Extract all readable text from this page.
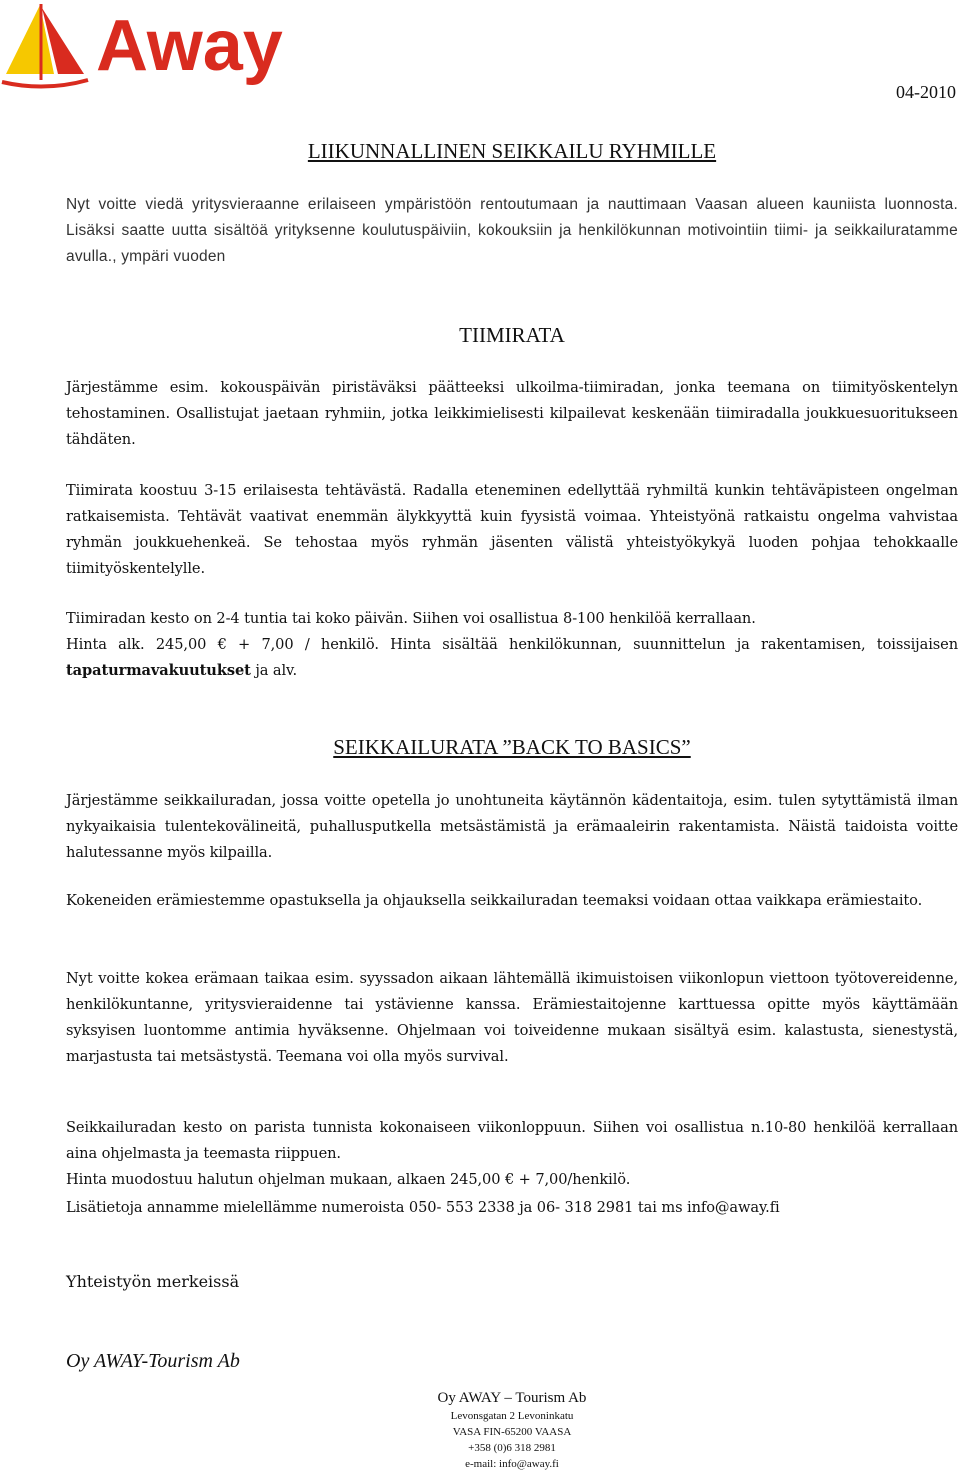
Away
04-2010
LIIKUNNALLINEN SEIKKAILU RYHMILLE
Nyt voitte viedä yritysvieraanne erilaiseen ympäristöön rentoutumaan ja nauttimaan Vaasan alueen kauniista luonnosta. Lisäksi saatte uutta sisältöä yrityksenne koulutuspäiviin, kokouksiin ja henkilökunnan motivointiin tiimi- ja seikkailuratamme avulla., ympäri vuoden
TIIMIRATA
Järjestämme esim. kokouspäivän piristäväksi päätteeksi ulkoilma-tiimiradan, jonka teemana on tiimityöskentelyn tehostaminen. Osallistujat jaetaan ryhmiin, jotka leikkimielisesti kilpailevat keskenään tiimiradalla joukkuesuoritukseen tähdäten.
Tiimirata koostuu 3-15 erilaisesta tehtävästä. Radalla eteneminen edellyttää ryhmiltä kunkin tehtäväpisteen ongelman ratkaisemista. Tehtävät vaativat enemmän älykkyyttä kuin fyysistä voimaa. Yhteistyönä ratkaistu ongelma vahvistaa ryhmän joukkuehenkeä. Se tehostaa myös ryhmän jäsenten välistä yhteistyökykyä luoden pohjaa tehokkaalle tiimityöskentelylle.
Tiimiradan kesto on 2-4 tuntia tai koko päivän. Siihen voi osallistua 8-100 henkilöä kerrallaan.
Hinta alk. 245,00 € + 7,00 / henkilö. Hinta sisältää henkilökunnan, suunnittelun ja rakentamisen, toissijaisen tapaturmavakuutukset ja alv.
SEIKKAILURATA ”BACK TO BASICS”
Järjestämme seikkailuradan, jossa voitte opetella jo unohtuneita käytännön kädentaitoja, esim. tulen sytyttämistä ilman nykyaikaisia tulentekovälineitä, puhallusputkella metsästämistä ja erämaaleirin rakentamista. Näistä taidoista voitte halutessanne myös kilpailla.
Kokeneiden erämiestemme opastuksella ja ohjauksella seikkailuradan teemaksi voidaan ottaa vaikkapa erämiestaito.
Nyt voitte kokea erämaan taikaa esim. syyssadon aikaan lähtemällä ikimuistoisen viikonlopun viettoon työtovereidenne, henkilökuntanne, yritysvieraidenne tai ystävienne kanssa. Erämiestaitojenne karttuessa opitte myös käyttämään syksyisen luontomme antimia hyväksenne. Ohjelmaan voi toiveidenne mukaan sisältyä esim. kalastusta, sienestystä, marjastusta tai metsästystä. Teemana voi olla myös survival.
Seikkailuradan kesto on parista tunnista kokonaiseen viikonloppuun. Siihen voi osallistua n.10-80 henkilöä kerrallaan aina ohjelmasta ja teemasta riippuen.
Hinta muodostuu halutun ohjelman mukaan, alkaen 245,00 € + 7,00/henkilö.
Lisätietoja annamme mielellämme numeroista 050- 553 2338 ja 06- 318 2981 tai ms info@away.fi
Yhteistyön merkeissä
Oy AWAY-Tourism Ab
Oy AWAY – Tourism Ab
Levonsgatan 2 Levoninkatu
VASA FIN-65200 VAASA
+358 (0)6 318 2981
e-mail: info@away.fi
